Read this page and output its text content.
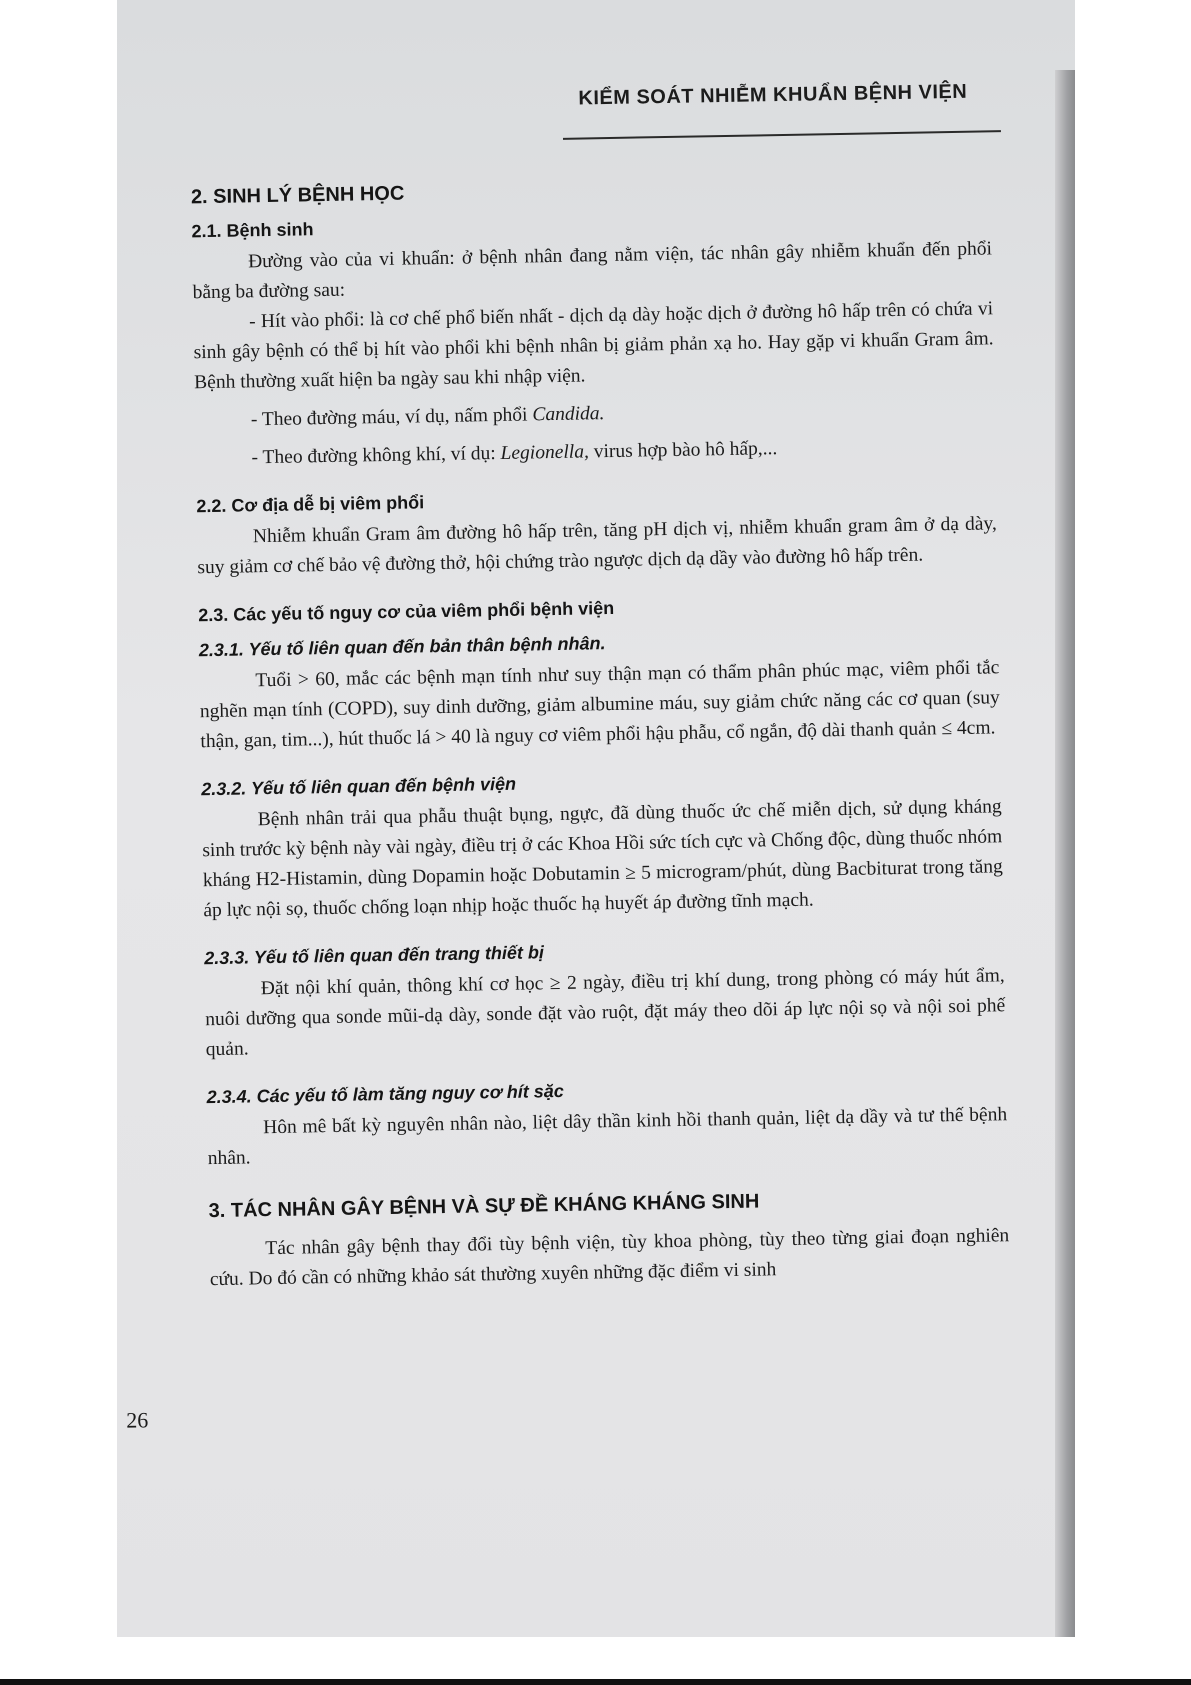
KIỂM SOÁT NHIỄM KHUẨN BỆNH VIỆN
2. SINH LÝ BỆNH HỌC
2.1. Bệnh sinh

Đường vào của vi khuẩn: ở bệnh nhân đang nằm viện, tác nhân gây nhiễm khuẩn đến phổi bằng ba đường sau:

- Hít vào phổi: là cơ chế phổ biến nhất - dịch dạ dày hoặc dịch ở đường hô hấp trên có chứa vi sinh gây bệnh có thể bị hít vào phổi khi bệnh nhân bị giảm phản xạ ho. Hay gặp vi khuẩn Gram âm. Bệnh thường xuất hiện ba ngày sau khi nhập viện.

- Theo đường máu, ví dụ, nấm phổi Candida.

- Theo đường không khí, ví dụ: Legionella, virus hợp bào hô hấp,...

2.2. Cơ địa dễ bị viêm phổi

Nhiễm khuẩn Gram âm đường hô hấp trên, tăng pH dịch vị, nhiễm khuẩn gram âm ở dạ dày, suy giảm cơ chế bảo vệ đường thở, hội chứng trào ngược dịch dạ dầy vào đường hô hấp trên.

2.3. Các yếu tố nguy cơ của viêm phổi bệnh viện
2.3.1. Yếu tố liên quan đến bản thân bệnh nhân.

Tuổi > 60, mắc các bệnh mạn tính như suy thận mạn có thẩm phân phúc mạc, viêm phổi tắc nghẽn mạn tính (COPD), suy dinh dưỡng, giảm albumine máu, suy giảm chức năng các cơ quan (suy thận, gan, tim...), hút thuốc lá > 40 là nguy cơ viêm phổi hậu phẫu, cổ ngắn, độ dài thanh quản ≤ 4cm.

2.3.2. Yếu tố liên quan đến bệnh viện

Bệnh nhân trải qua phẫu thuật bụng, ngực, đã dùng thuốc ức chế miễn dịch, sử dụng kháng sinh trước kỳ bệnh này vài ngày, điều trị ở các Khoa Hồi sức tích cực và Chống độc, dùng thuốc nhóm kháng H2-Histamin, dùng Dopamin hoặc Dobutamin ≥ 5 microgram/phút, dùng Bacbiturat trong tăng áp lực nội sọ, thuốc chống loạn nhịp hoặc thuốc hạ huyết áp đường tĩnh mạch.

2.3.3. Yếu tố liên quan đến trang thiết bị

Đặt nội khí quản, thông khí cơ học ≥ 2 ngày, điều trị khí dung, trong phòng có máy hút ẩm, nuôi dưỡng qua sonde mũi-dạ dày, sonde đặt vào ruột, đặt máy theo dõi áp lực nội sọ và nội soi phế quản.

2.3.4. Các yếu tố làm tăng nguy cơ hít sặc

Hôn mê bất kỳ nguyên nhân nào, liệt dây thần kinh hồi thanh quản, liệt dạ dầy và tư thế bệnh nhân.

3. TÁC NHÂN GÂY BỆNH VÀ SỰ ĐỀ KHÁNG KHÁNG SINH

Tác nhân gây bệnh thay đổi tùy bệnh viện, tùy khoa phòng, tùy theo từng giai đoạn nghiên cứu. Do đó cần có những khảo sát thường xuyên những đặc điểm vi sinh

26
